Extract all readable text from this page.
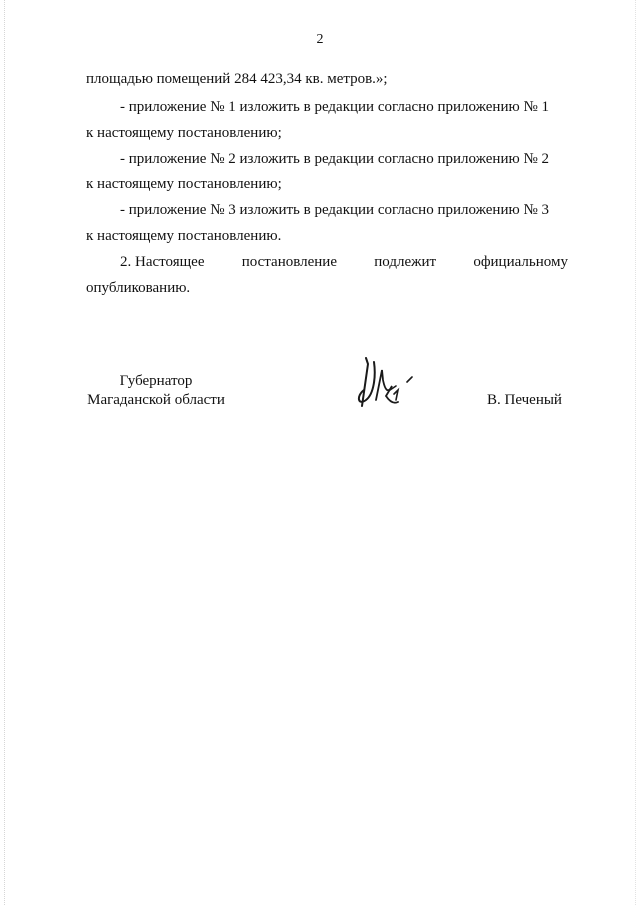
2
площадью помещений 284 423,34 кв. метров.»;
- приложение № 1 изложить в редакции согласно приложению № 1
к настоящему постановлению;
- приложение № 2 изложить в редакции согласно приложению № 2
к настоящему постановлению;
- приложение № 3 изложить в редакции согласно приложению № 3
к настоящему постановлению.
2. Настоящее постановление подлежит официальному
опубликованию.
Губернатор
Магаданской области	В. Печеный
